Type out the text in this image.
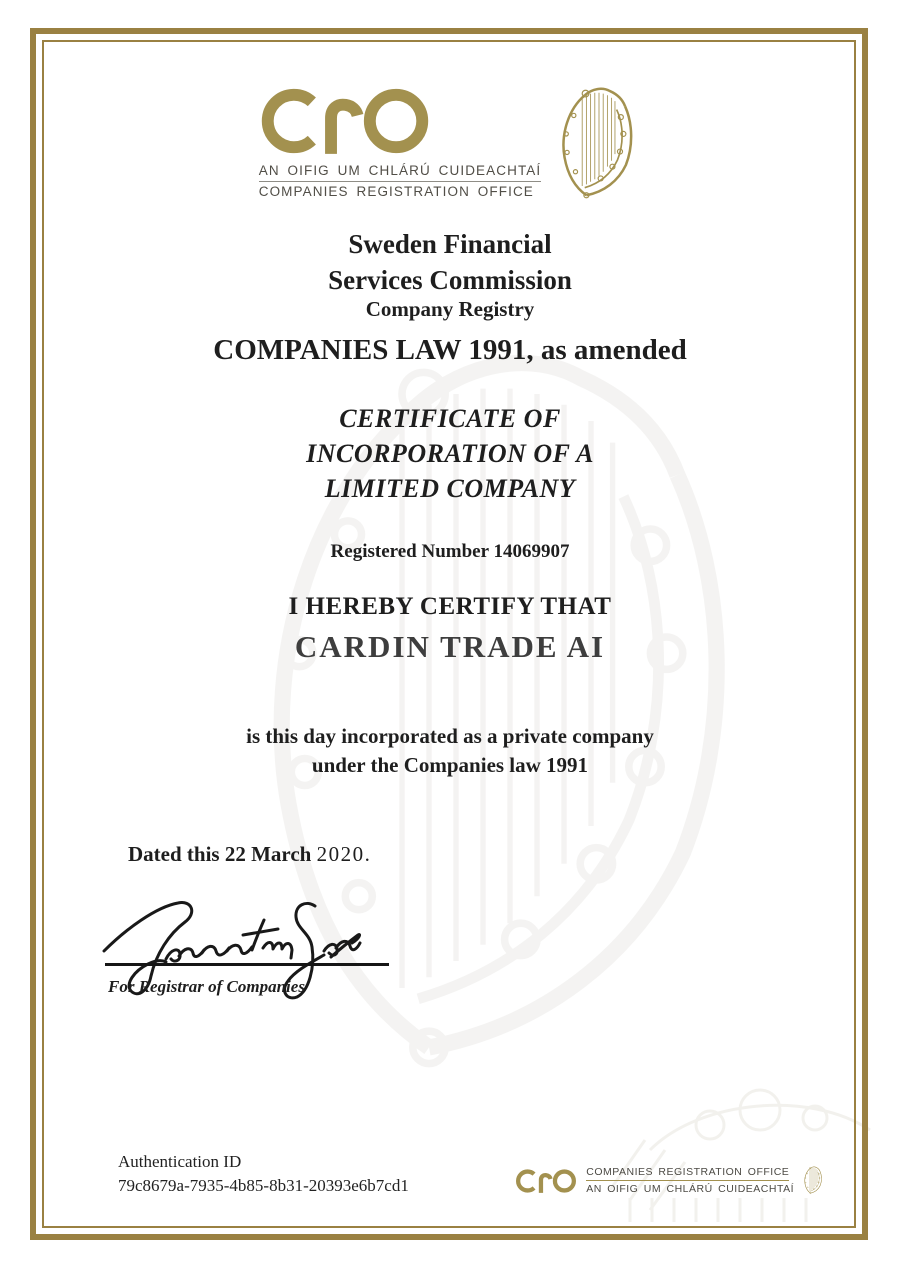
AN OIFIG UM CHLÁRÚ CUIDEACHTAÍ
COMPANIES REGISTRATION OFFICE
Sweden Financial
Services Commission
Company Registry
COMPANIES LAW 1991, as amended
CERTIFICATE OF
INCORPORATION OF A
LIMITED COMPANY
Registered Number 14069907
I HEREBY CERTIFY THAT
CARDIN TRADE AI
is this day incorporated as a private company
under the Companies law 1991
Dated this 22 March 2020.
For Registrar of Companies
Authentication ID
79c8679a-7935-4b85-8b31-20393e6b7cd1
COMPANIES REGISTRATION OFFICE
AN OIFIG UM CHLÁRÚ CUIDEACHTAÍ
